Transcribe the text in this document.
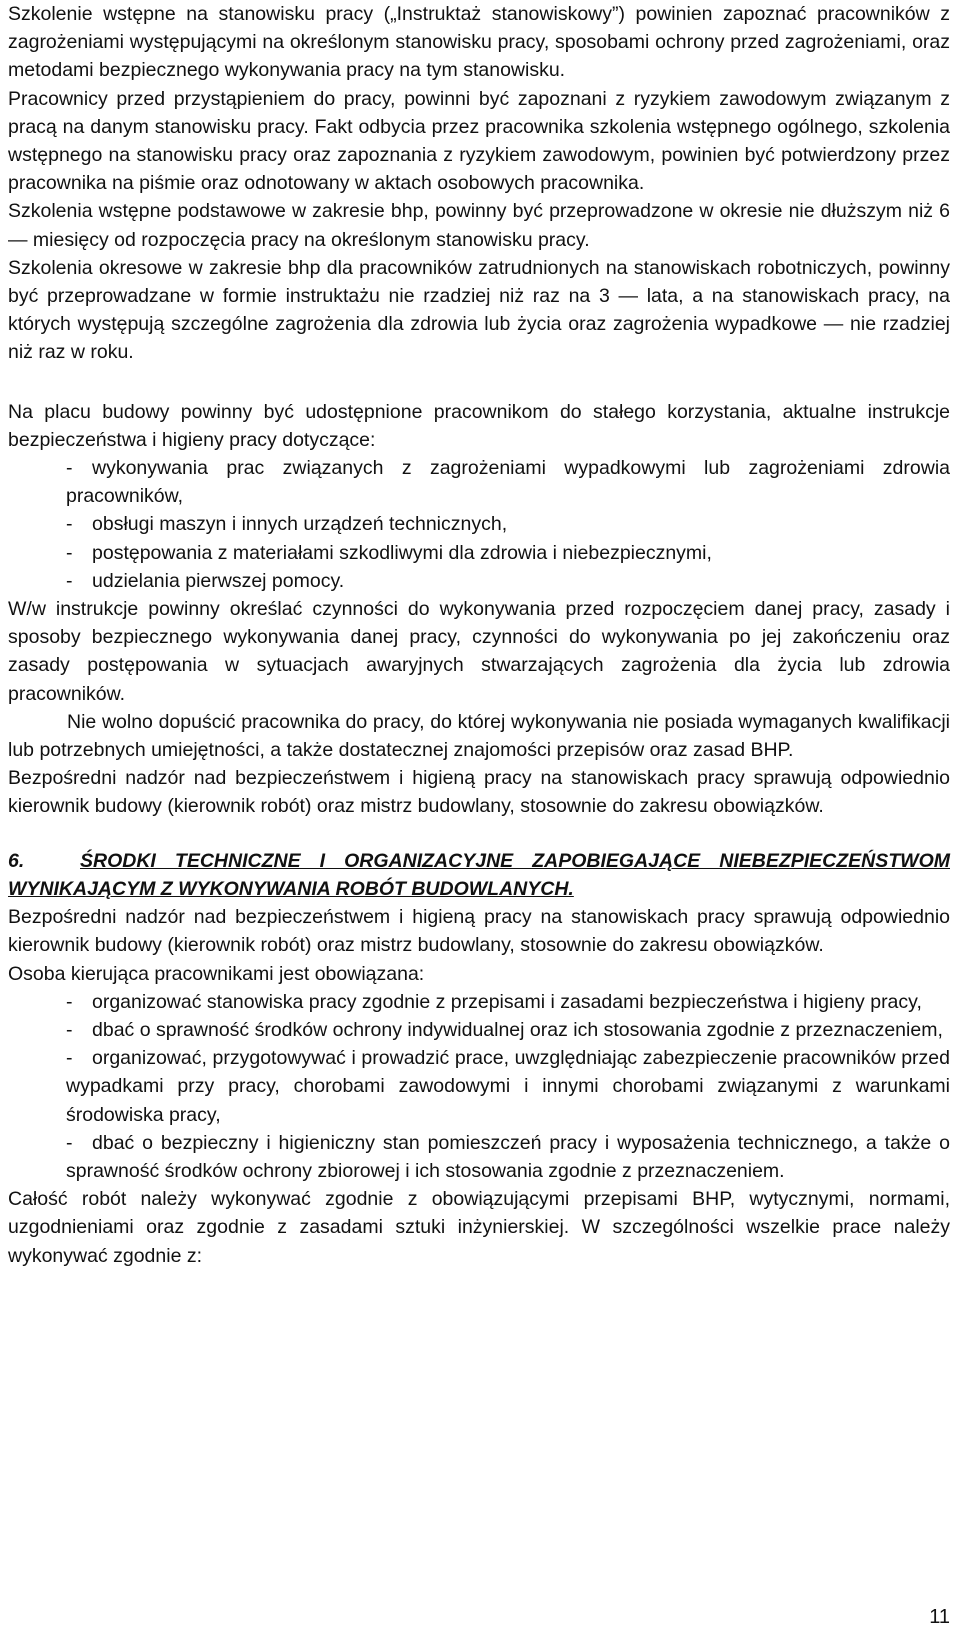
Szkolenie wstępne na stanowisku pracy („Instruktaż stanowiskowy”) powinien zapoznać pracowników z zagrożeniami występującymi na określonym stanowisku pracy, sposobami ochrony przed zagrożeniami, oraz metodami bezpiecznego wykonywania pracy na tym stanowisku.

Pracownicy przed przystąpieniem do pracy, powinni być zapoznani z ryzykiem zawodowym związanym z pracą na danym stanowisku pracy. Fakt odbycia przez pracownika szkolenia wstępnego ogólnego, szkolenia wstępnego na stanowisku pracy oraz zapoznania z ryzykiem zawodowym, powinien być potwierdzony przez pracownika na piśmie oraz odnotowany w aktach osobowych pracownika.

Szkolenia wstępne podstawowe w zakresie bhp, powinny być przeprowadzone w okresie nie dłuższym niż 6 — miesięcy od rozpoczęcia pracy na określonym stanowisku pracy.

Szkolenia okresowe w zakresie bhp dla pracowników zatrudnionych na stanowiskach robotniczych, powinny być przeprowadzane w formie instruktażu nie rzadziej niż raz na 3 — lata, a na stanowiskach pracy, na których występują szczególne zagrożenia dla zdrowia lub życia oraz zagrożenia wypadkowe — nie rzadziej niż raz w roku.

Na placu budowy powinny być udostępnione pracownikom do stałego korzystania, aktualne instrukcje bezpieczeństwa i higieny pracy dotyczące:

-	wykonywania prac związanych z zagrożeniami wypadkowymi lub zagrożeniami zdrowia pracowników,
-	obsługi maszyn i innych urządzeń technicznych,
-	postępowania z materiałami szkodliwymi dla zdrowia i niebezpiecznymi,
-	udzielania pierwszej pomocy.

W/w instrukcje powinny określać czynności do wykonywania przed rozpoczęciem danej pracy, zasady i sposoby bezpiecznego wykonywania danej pracy, czynności do wykonywania po jej zakończeniu oraz zasady postępowania w sytuacjach awaryjnych stwarzających zagrożenia dla życia lub zdrowia pracowników.

Nie wolno dopuścić pracownika do pracy, do której wykonywania nie posiada wymaganych kwalifikacji lub potrzebnych umiejętności, a także dostatecznej znajomości przepisów oraz zasad BHP.

Bezpośredni nadzór nad bezpieczeństwem i higieną pracy na stanowiskach pracy sprawują odpowiednio kierownik budowy (kierownik robót) oraz mistrz budowlany, stosownie do zakresu obowiązków.

6.	ŚRODKI TECHNICZNE I ORGANIZACYJNE ZAPOBIEGAJĄCE NIEBEZPIECZEŃSTWOM WYNIKAJĄCYM Z WYKONYWANIA ROBÓT BUDOWLANYCH.

Bezpośredni nadzór nad bezpieczeństwem i higieną pracy na stanowiskach pracy sprawują odpowiednio kierownik budowy (kierownik robót) oraz mistrz budowlany, stosownie do zakresu obowiązków.

Osoba kierująca pracownikami jest obowiązana:

-	organizować stanowiska pracy zgodnie z przepisami i zasadami bezpieczeństwa i higieny pracy,
-	dbać o sprawność środków ochrony indywidualnej oraz ich stosowania zgodnie z przeznaczeniem,
-	organizować, przygotowywać i prowadzić prace, uwzględniając zabezpieczenie pracowników przed wypadkami przy pracy, chorobami zawodowymi i innymi chorobami związanymi z warunkami środowiska pracy,
-	dbać o bezpieczny i higieniczny stan pomieszczeń pracy i wyposażenia technicznego, a także o sprawność środków ochrony zbiorowej i ich stosowania zgodnie z przeznaczeniem.

Całość robót należy wykonywać zgodnie z obowiązującymi przepisami BHP, wytycznymi, normami, uzgodnieniami oraz zgodnie z zasadami sztuki inżynierskiej. W szczególności wszelkie prace należy wykonywać zgodnie z:

11
